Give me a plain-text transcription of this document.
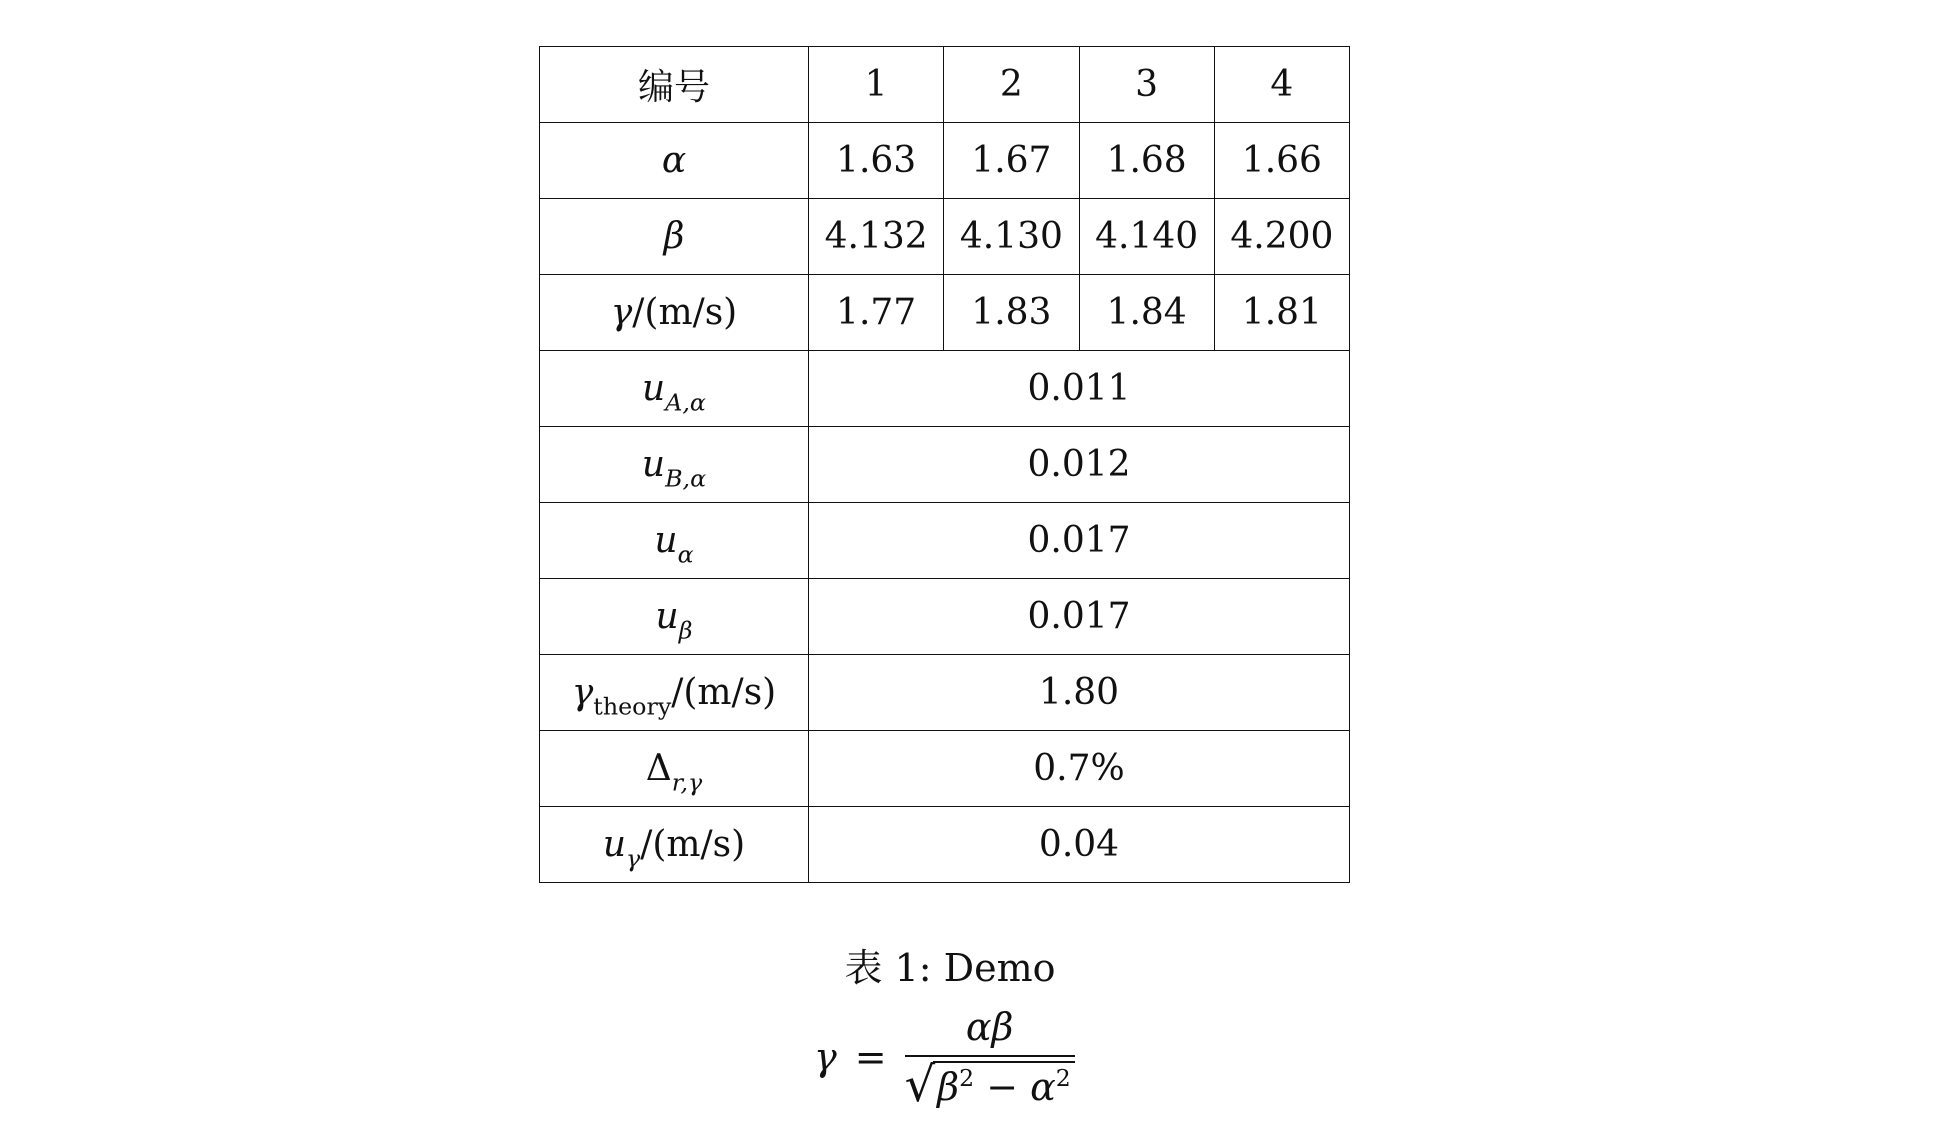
编号	1	2	3	4
α	1.63	1.67	1.68	1.66
β	4.132	4.130	4.140	4.200
γ/(m/s)	1.77	1.83	1.84	1.81
$u_{A,\alpha}$	0.011			
$u_{B,\alpha}$	0.012			
$u_\alpha$	0.017			
$u_\beta$	0.017			
$\gamma_{theory}/(m/s)$	1.80			
$\Delta_{r,\gamma}$	0.7%			
$u_\gamma/(m/s)$	0.04			
表 1: Demo
$\gamma = \frac{\alpha\beta}{√ \beta^2 - \alpha^2}$
